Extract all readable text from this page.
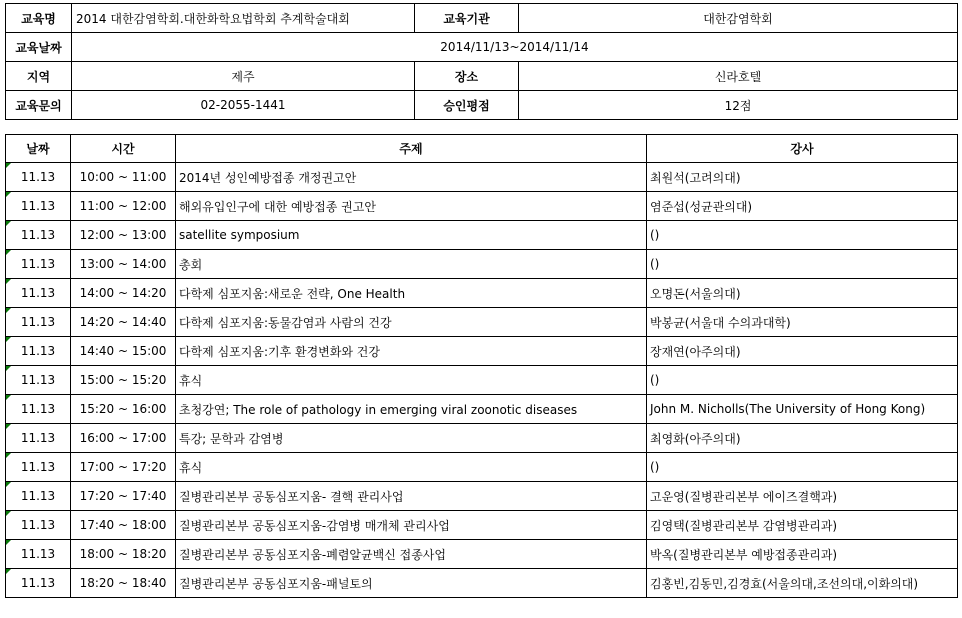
교육명	2014 대한감염학회.대한화학요법학회 추계학술대회	교육기관	대한감염학회
교육날짜	2014/11/13~2014/11/14		
지역	제주	장소	신라호텔
교육문의	02-2055-1441	승인평점	12점
날짜	시간	주제	강사

11.13	10:00 ~ 11:00	2014년 성인예방접종 개정권고안	최원석(고려의대)

11.13	11:00 ~ 12:00	해외유입인구에 대한 예방접종 권고안	염준섭(성균관의대)

11.13	12:00 ~ 13:00	satellite symposium	()

11.13	13:00 ~ 14:00	총회	()

11.13	14:00 ~ 14:20	다학제 심포지움:새로운 전략, One Health	오명돈(서울의대)

11.13	14:20 ~ 14:40	다학제 심포지움:동물감염과 사람의 건강	박봉균(서울대 수의과대학)

11.13	14:40 ~ 15:00	다학제 심포지움:기후 환경변화와 건강	장재연(아주의대)

11.13	15:00 ~ 15:20	휴식	()

11.13	15:20 ~ 16:00	초청강연; The role of pathology in emerging viral zoonotic diseases	John M. Nicholls(The University of Hong Kong)

11.13	16:00 ~ 17:00	특강; 문학과 감염병	최영화(아주의대)

11.13	17:00 ~ 17:20	휴식	()

11.13	17:20 ~ 17:40	질병관리본부 공동심포지움- 결핵 관리사업	고운영(질병관리본부 에이즈결핵과)

11.13	17:40 ~ 18:00	질병관리본부 공동심포지움-감염병 매개체 관리사업	김영택(질병관리본부 감염병관리과)

11.13	18:00 ~ 18:20	질병관리본부 공동심포지움-폐렴알균백신 접종사업	박옥(질병관리본부 예방접종관리과)

11.13	18:20 ~ 18:40	질병관리본부 공동심포지움-패널토의	김홍빈,김동민,김경효(서울의대,조선의대,이화의대)
